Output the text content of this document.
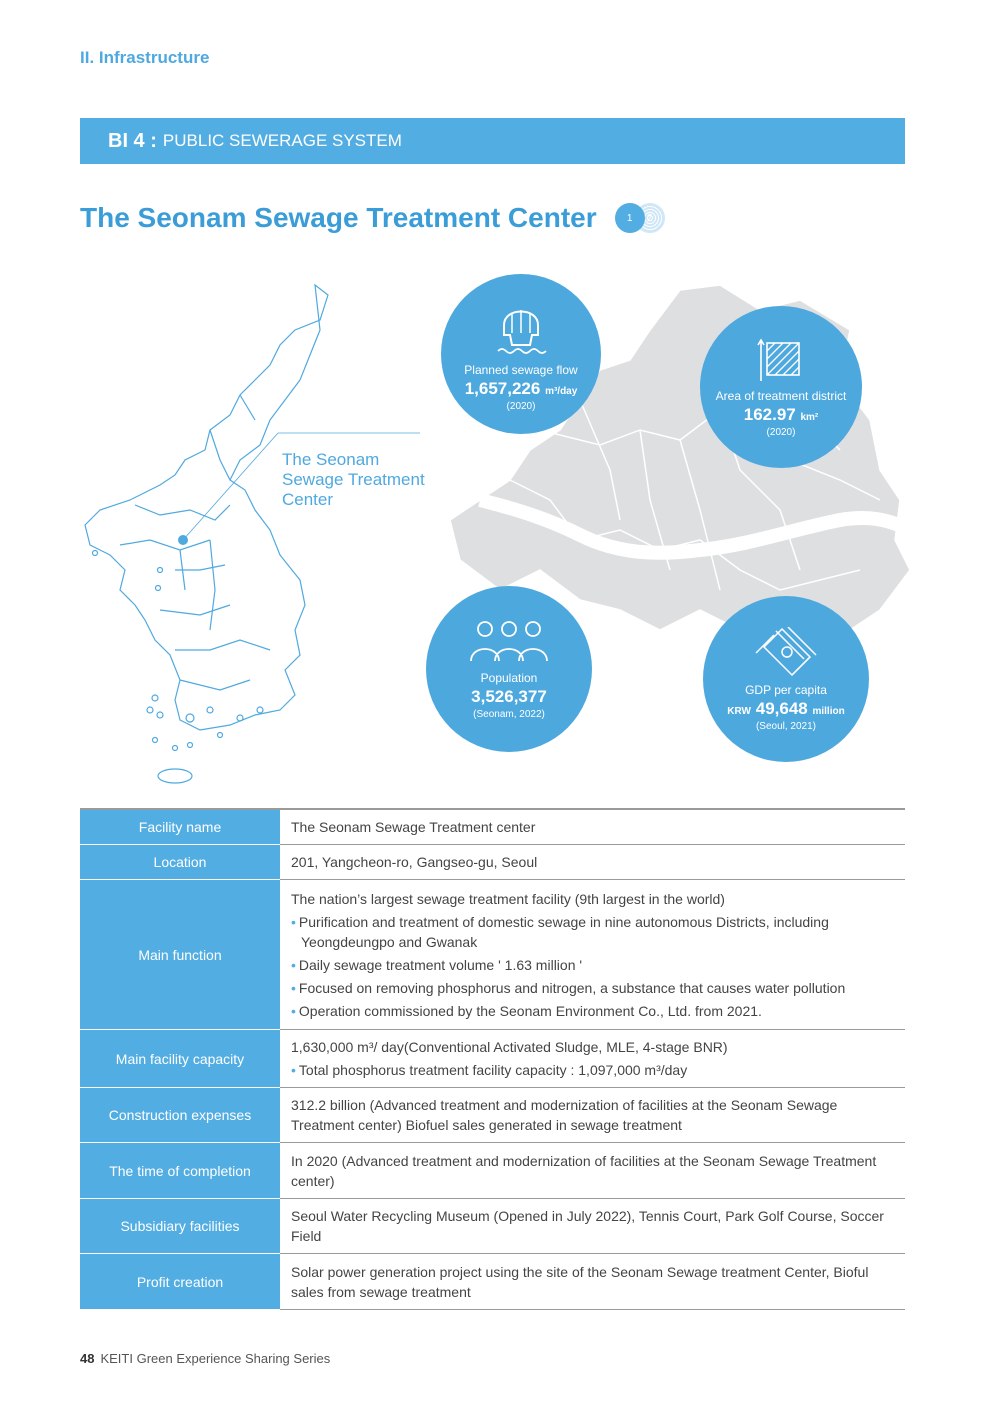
II. Infrastructure
BI 4 : PUBLIC SEWERAGE SYSTEM
The Seonam Sewage Treatment Center	2
1
The Seonam
Sewage Treatment
Center
Planned sewage flow
1,657,226 m³/day
(2020)
Area of treatment district
162.97 km²
(2020)
Population
3,526,377
(Seonam, 2022)
GDP per capita
KRW 49,648 million
(Seoul, 2021)
Facility name	The Seonam Sewage Treatment center
Location	201, Yangcheon-ro, Gangseo-gu, Seoul
Main function	The nation’s largest sewage treatment facility (9th largest in the world)
• Purification and treatment of domestic sewage in nine autonomous Districts, including Yeongdeungpo and Gwanak
• Daily sewage treatment volume ' 1.63 million '
• Focused on removing phosphorus and nitrogen, a substance that causes water pollution
• Operation commissioned by the Seonam Environment Co., Ltd. from 2021.

Main facility capacity	1,630,000 m³/ day(Conventional Activated Sludge, MLE, 4-stage BNR)
• Total phosphorus treatment facility capacity : 1,097,000 m³/day

Construction expenses	312.2 billion (Advanced treatment and modernization of facilities at the Seonam Sewage Treatment center) Biofuel sales generated in sewage treatment
The time of completion	In 2020 (Advanced treatment and modernization of facilities at the Seonam Sewage Treatment center)
Subsidiary facilities	Seoul Water Recycling Museum (Opened in July 2022), Tennis Court, Park Golf Course, Soccer Field
Profit creation	Solar power generation project using the site of the Seonam Sewage treatment Center, Bioful sales from sewage treatment
48 KEITI Green Experience Sharing Series
